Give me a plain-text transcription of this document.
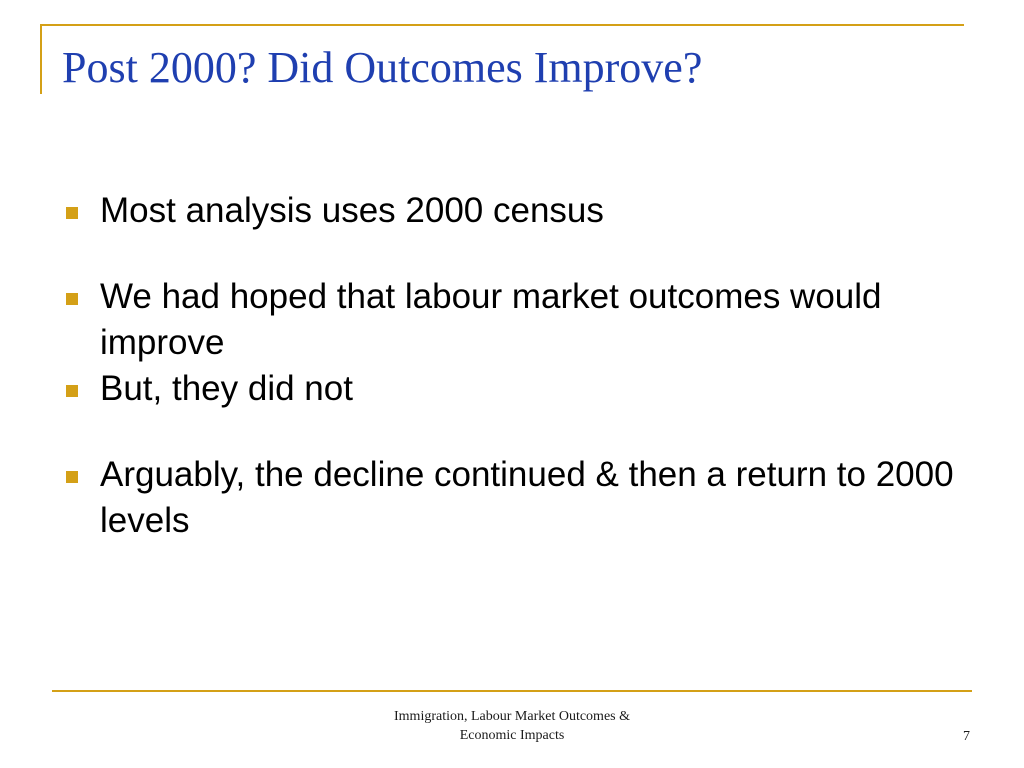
Post 2000? Did Outcomes Improve?
Most analysis uses 2000 census
We had hoped that labour market outcomes would improve
But, they did not
Arguably, the decline continued & then a return to 2000 levels
Immigration, Labour Market Outcomes &
Economic Impacts	7
